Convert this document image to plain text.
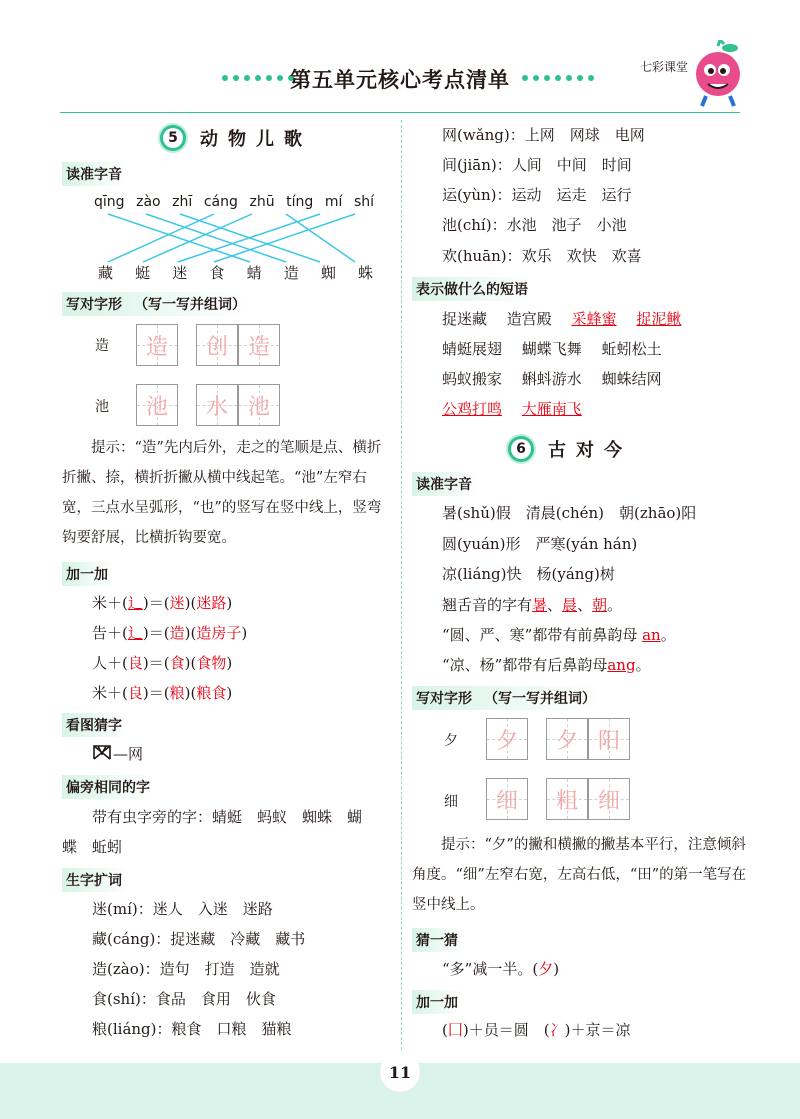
第五单元核心考点清单	七彩课堂
5 动物儿歌
读准字音
qīng zào zhī cáng zhū tíng mí shí
藏 蜓 迷 食 蜻 造 蜘 蛛
写对字形 （写一写并组词）
造	造	创 造
池	池	水 池
提示：“造”先内后外，走之的笔顺是点、横折折撇、捺，横折折撇从横中线起笔。“池”左窄右宽，三点水呈弧形，“也”的竖写在竖中线上，竖弯钩要舒展，比横折钩要宽。
加一加
米＋(辶)＝(迷)(迷路)
告＋(辶)＝(造)(造房子)
人＋(良)＝(食)(食物)
米＋(良)＝(粮)(粮食)
看图猜字
—网
偏旁相同的字
带有虫字旁的字：蜻蜓　蚂蚁　蜘蛛　蝴
蝶　蚯蚓
生字扩词
迷(mí)：迷人　入迷　迷路
藏(cáng)：捉迷藏　冷藏　藏书
造(zào)：造句　打造　造就
食(shí)：食品　食用　伙食
粮(liáng)：粮食　口粮　猫粮
网(wǎng)：上网　网球　电网
间(jiān)：人间　中间　时间
运(yùn)：运动　运走　运行
池(chí)：水池　池子　小池
欢(huān)：欢乐　欢快　欢喜
表示做什么的短语
捉迷藏　 造宫殿　 采蜂蜜　 捉泥鳅
蜻蜓展翅　 蝴蝶飞舞　 蚯蚓松土
蚂蚁搬家　 蝌蚪游水　 蜘蛛结网
公鸡打鸣　 大雁南飞
6 古对今
读准字音
暑(shǔ)假　清晨(chén)　朝(zhāo)阳
圆(yuán)形　严寒(yán hán)
凉(liáng)快　杨(yáng)树
翘舌音的字有暑、晨、朝。
“圆、严、寒”都带有前鼻韵母 an。
“凉、杨”都带有后鼻韵母ang。
写对字形 （写一写并组词）
夕	夕	夕 阳
细	细	粗 细
提示：“夕”的撇和横撇的撇基本平行，注意倾斜角度。“细”左窄右宽，左高右低，“田”的第一笔写在竖中线上。
猜一猜
“多”减一半。(夕)
加一加
(囗)＋员＝圆　(冫)＋京＝凉
11
